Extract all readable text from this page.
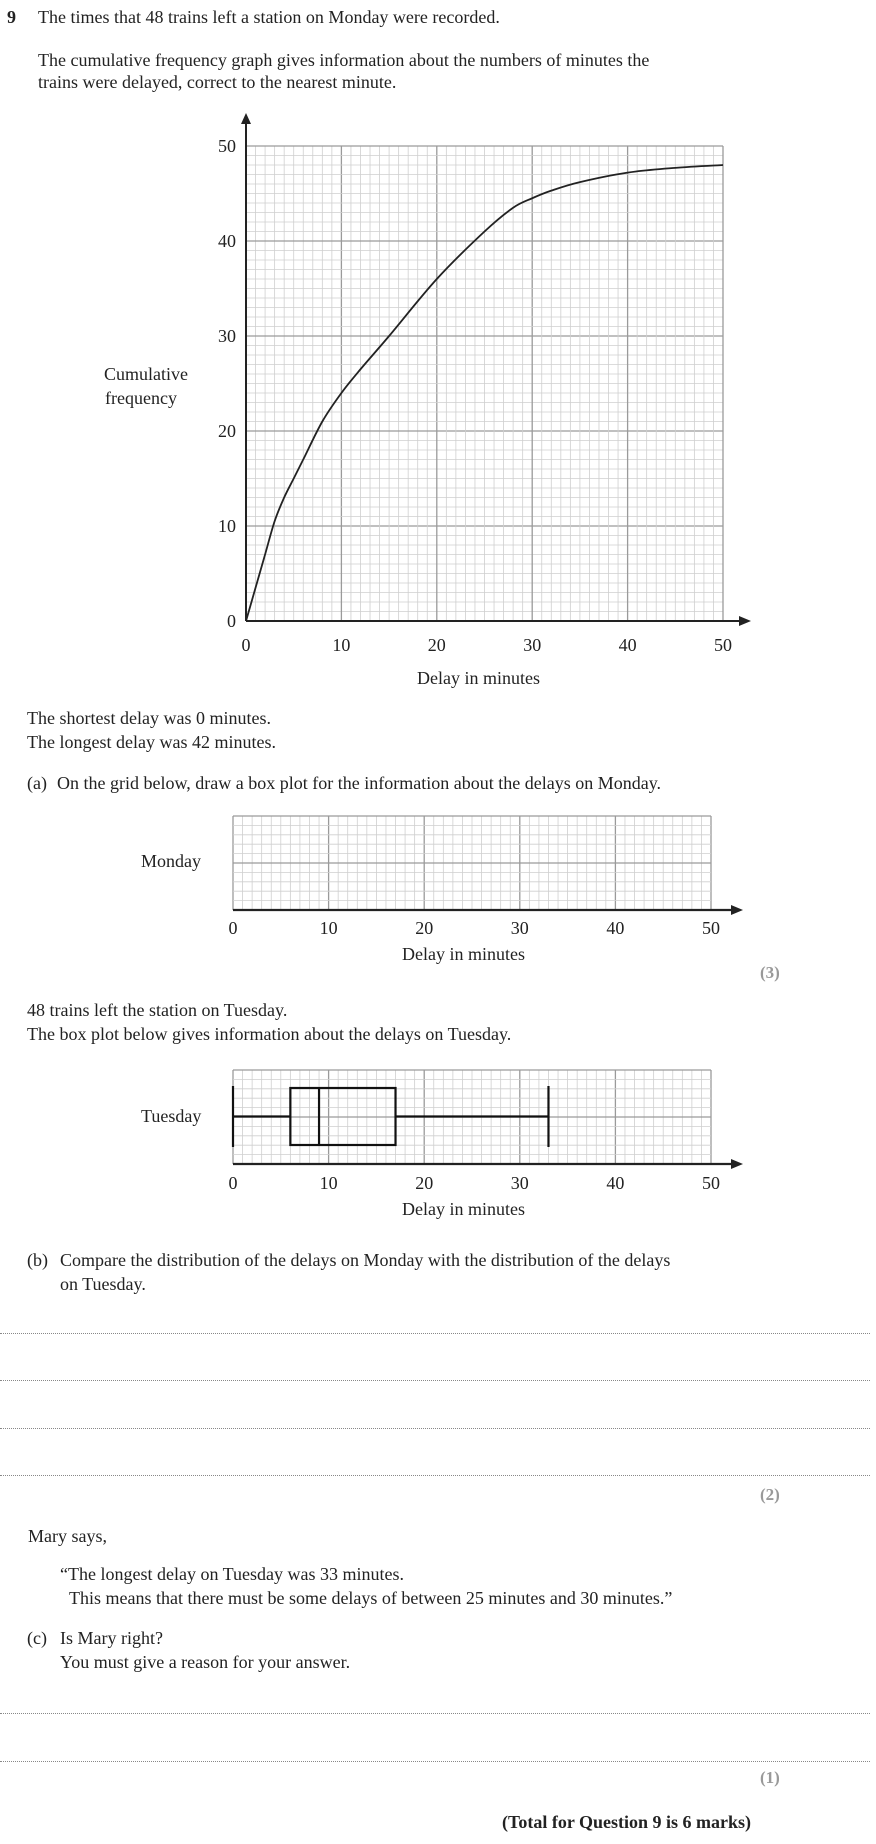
9 The times that 48 trains left a station on Monday were recorded.
The cumulative frequency graph gives information about the numbers of minutes the
trains were delayed, correct to the nearest minute.
0	10	20	30	40	50
0
10
20
30
40
50
0	10	20	30	40	50
0	10	20	30	40	50
Cumulative
frequency
Delay in minutes
The shortest delay was 0 minutes.
The longest delay was 42 minutes.
(a) On the grid below, draw a box plot for the information about the delays on Monday.
Monday
Delay in minutes
(3)
48 trains left the station on Tuesday.
The box plot below gives information about the delays on Tuesday.
Tuesday
Delay in minutes
(b) Compare the distribution of the delays on Monday with the distribution of the delays
on Tuesday.
(2)
Mary says,
“The longest delay on Tuesday was 33 minutes.
This means that there must be some delays of between 25 minutes and 30 minutes.”
(c) Is Mary right?
You must give a reason for your answer.
(1)
(Total for Question 9 is 6 marks)
